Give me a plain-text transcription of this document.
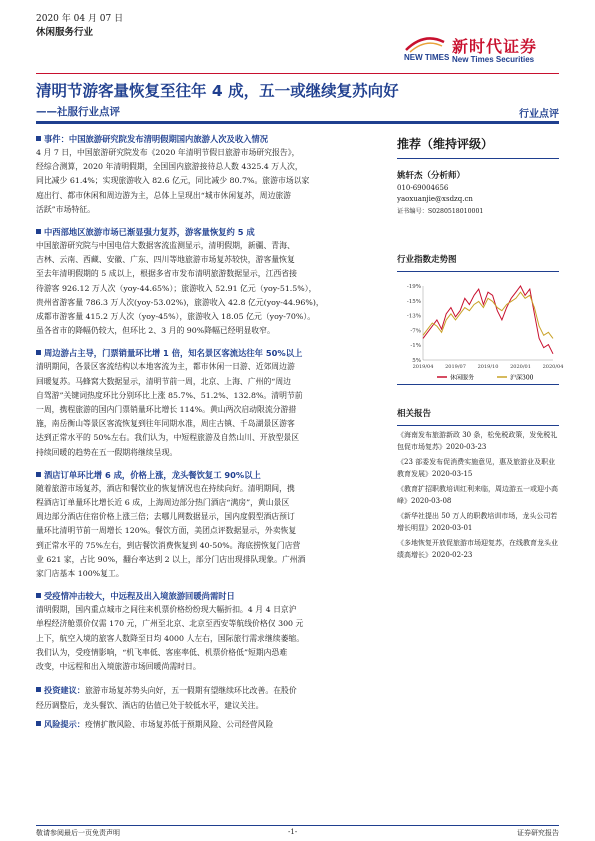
2020 年 04 月 07 日
休闲服务行业
NEW TIMES
新时代证券
New Times Securities
清明节游客量恢复至往年 4 成，五一或继续复苏向好
——社服行业点评	行业点评
事件：中国旅游研究院发布清明假期国内旅游人次及收入情况
4 月 7 日，中国旅游研究院发布《2020 年清明节假日旅游市场研究报告》，
经综合测算，2020 年清明假期，全国国内旅游接待总人数 4325.4 万人次，
同比减少 61.4%；实现旅游收入 82.6 亿元，同比减少 80.7%。旅游市场以家
庭出行、都市休闲和周边游为主，总体上呈现出“城市休闲复苏，周边旅游
活跃”市场特征。
中西部地区旅游市场已渐显强力复苏，游客量恢复约 5 成
中国旅游研究院与中国电信大数据客流监测显示，清明假期，新疆、青海、
吉林、云南、西藏、安徽、广东、四川等地旅游市场复苏较快，游客量恢复
至去年清明假期的 5 成以上，根据多省市发布清明旅游数据显示，江西省接
待游客 926.12 万人次（yoy-44.65%）；旅游收入 52.91 亿元（yoy-51.5%），
贵州省游客量 786.3 万人次(yoy-53.02%)，旅游收入 42.8 亿元(yoy-44.96%)，
成都市游客量 415.2 万人次（yoy-45%），旅游收入 18.05 亿元（yoy-70%）。
虽各省市的降幅仍较大，但环比 2、3 月的 90%降幅已经明显收窄。
周边游占主导，门票销量环比增 1 倍，知名景区客流达往年 50%以上
清明期间，各景区客流结构以本地客流为主，都市休闲一日游、近郊周边游
回暖复苏。马蜂窝大数据显示，清明节前一周，北京、上海、广州的“周边
自驾游”关键词热度环比分别环比上涨 85.7%、51.2%、132.8%。清明节前
一周，携程旅游的国内门票销量环比增长 114%。黄山两次启动限流分游措
施，南岳衡山等景区客流恢复到往年同期水准，周庄古镇、千岛湖景区游客
达到正常水平的 50%左右。我们认为，中短程旅游及自然山川、开放型景区
持续回暖的趋势在五一假期将继续呈现。
酒店订单环比增 6 成，价格上涨，龙头餐饮复工 90%以上
随着旅游市场复苏，酒店和餐饮业的恢复情况也在持续向好。清明期间，携
程酒店订单量环比增长近 6 成，上海周边部分热门酒店“满房”，黄山景区
周边部分酒店住宿价格上涨三倍；去哪儿网数据显示，国内度假型酒店预订
量环比清明节前一周增长 120%。餐饮方面，美团点评数据显示，外卖恢复
到正常水平的 75%左右，到店餐饮消费恢复到 40-50%。海底捞恢复门店营
业 621 家，占比 90%，翻台率达到 2 以上，部分门店出现排队现象。广州酒
家门店基本 100%复工。
受疫情冲击较大，中远程及出入境旅游回暖尚需时日
清明假期，国内重点城市之间往来机票价格纷纷现大幅折扣。4 月 4 日京沪
单程经济舱票价仅需 170 元，广州至北京、北京至西安等航线价格仅 300 元
上下，航空入境的旅客人数降至日均 4000 人左右，国际旅行需求继续萎缩。
我们认为，受疫情影响，“机飞率低、客座率低、机票价格低”短期内恐难
改变，中远程和出入境旅游市场回暖尚需时日。
投资建议：旅游市场复苏势头向好，五一假期有望继续环比改善。在股价
经历调整后，龙头餐饮、酒店的估值已处于较低水平，建议关注。
风险提示：疫情扩散风险、市场复苏低于预期风险、公司经营风险
推荐（维持评级）
姚轩杰（分析师）
010-69004656
yaoxuanjie@xsdzq.cn
证书编号：S0280518010001
行业指数走势图
5%
-1%
-7%
-13%
-15%
-19%
2019/04 2019/07 2019/10 2020/01 2020/04
休闲服务	沪深300
相关报告
《海南发布旅游新政 30 条，松免税政策，发免税礼包促市场复苏》2020-03-23
《23 部委发布促消费实施意见，惠及旅游业及职业教育发展》2020-03-15
《教育扩招职教培训红利来临，周边游五一或迎小高峰》2020-03-08
《新华社提出 50 万人的职教培训市场，龙头公司若增长明显》2020-03-01
《多地恢复开放促旅游市场迎复苏，在线教育龙头业绩高增长》2020-02-23
敬请参阅最后一页免责声明	-1-	证券研究报告
